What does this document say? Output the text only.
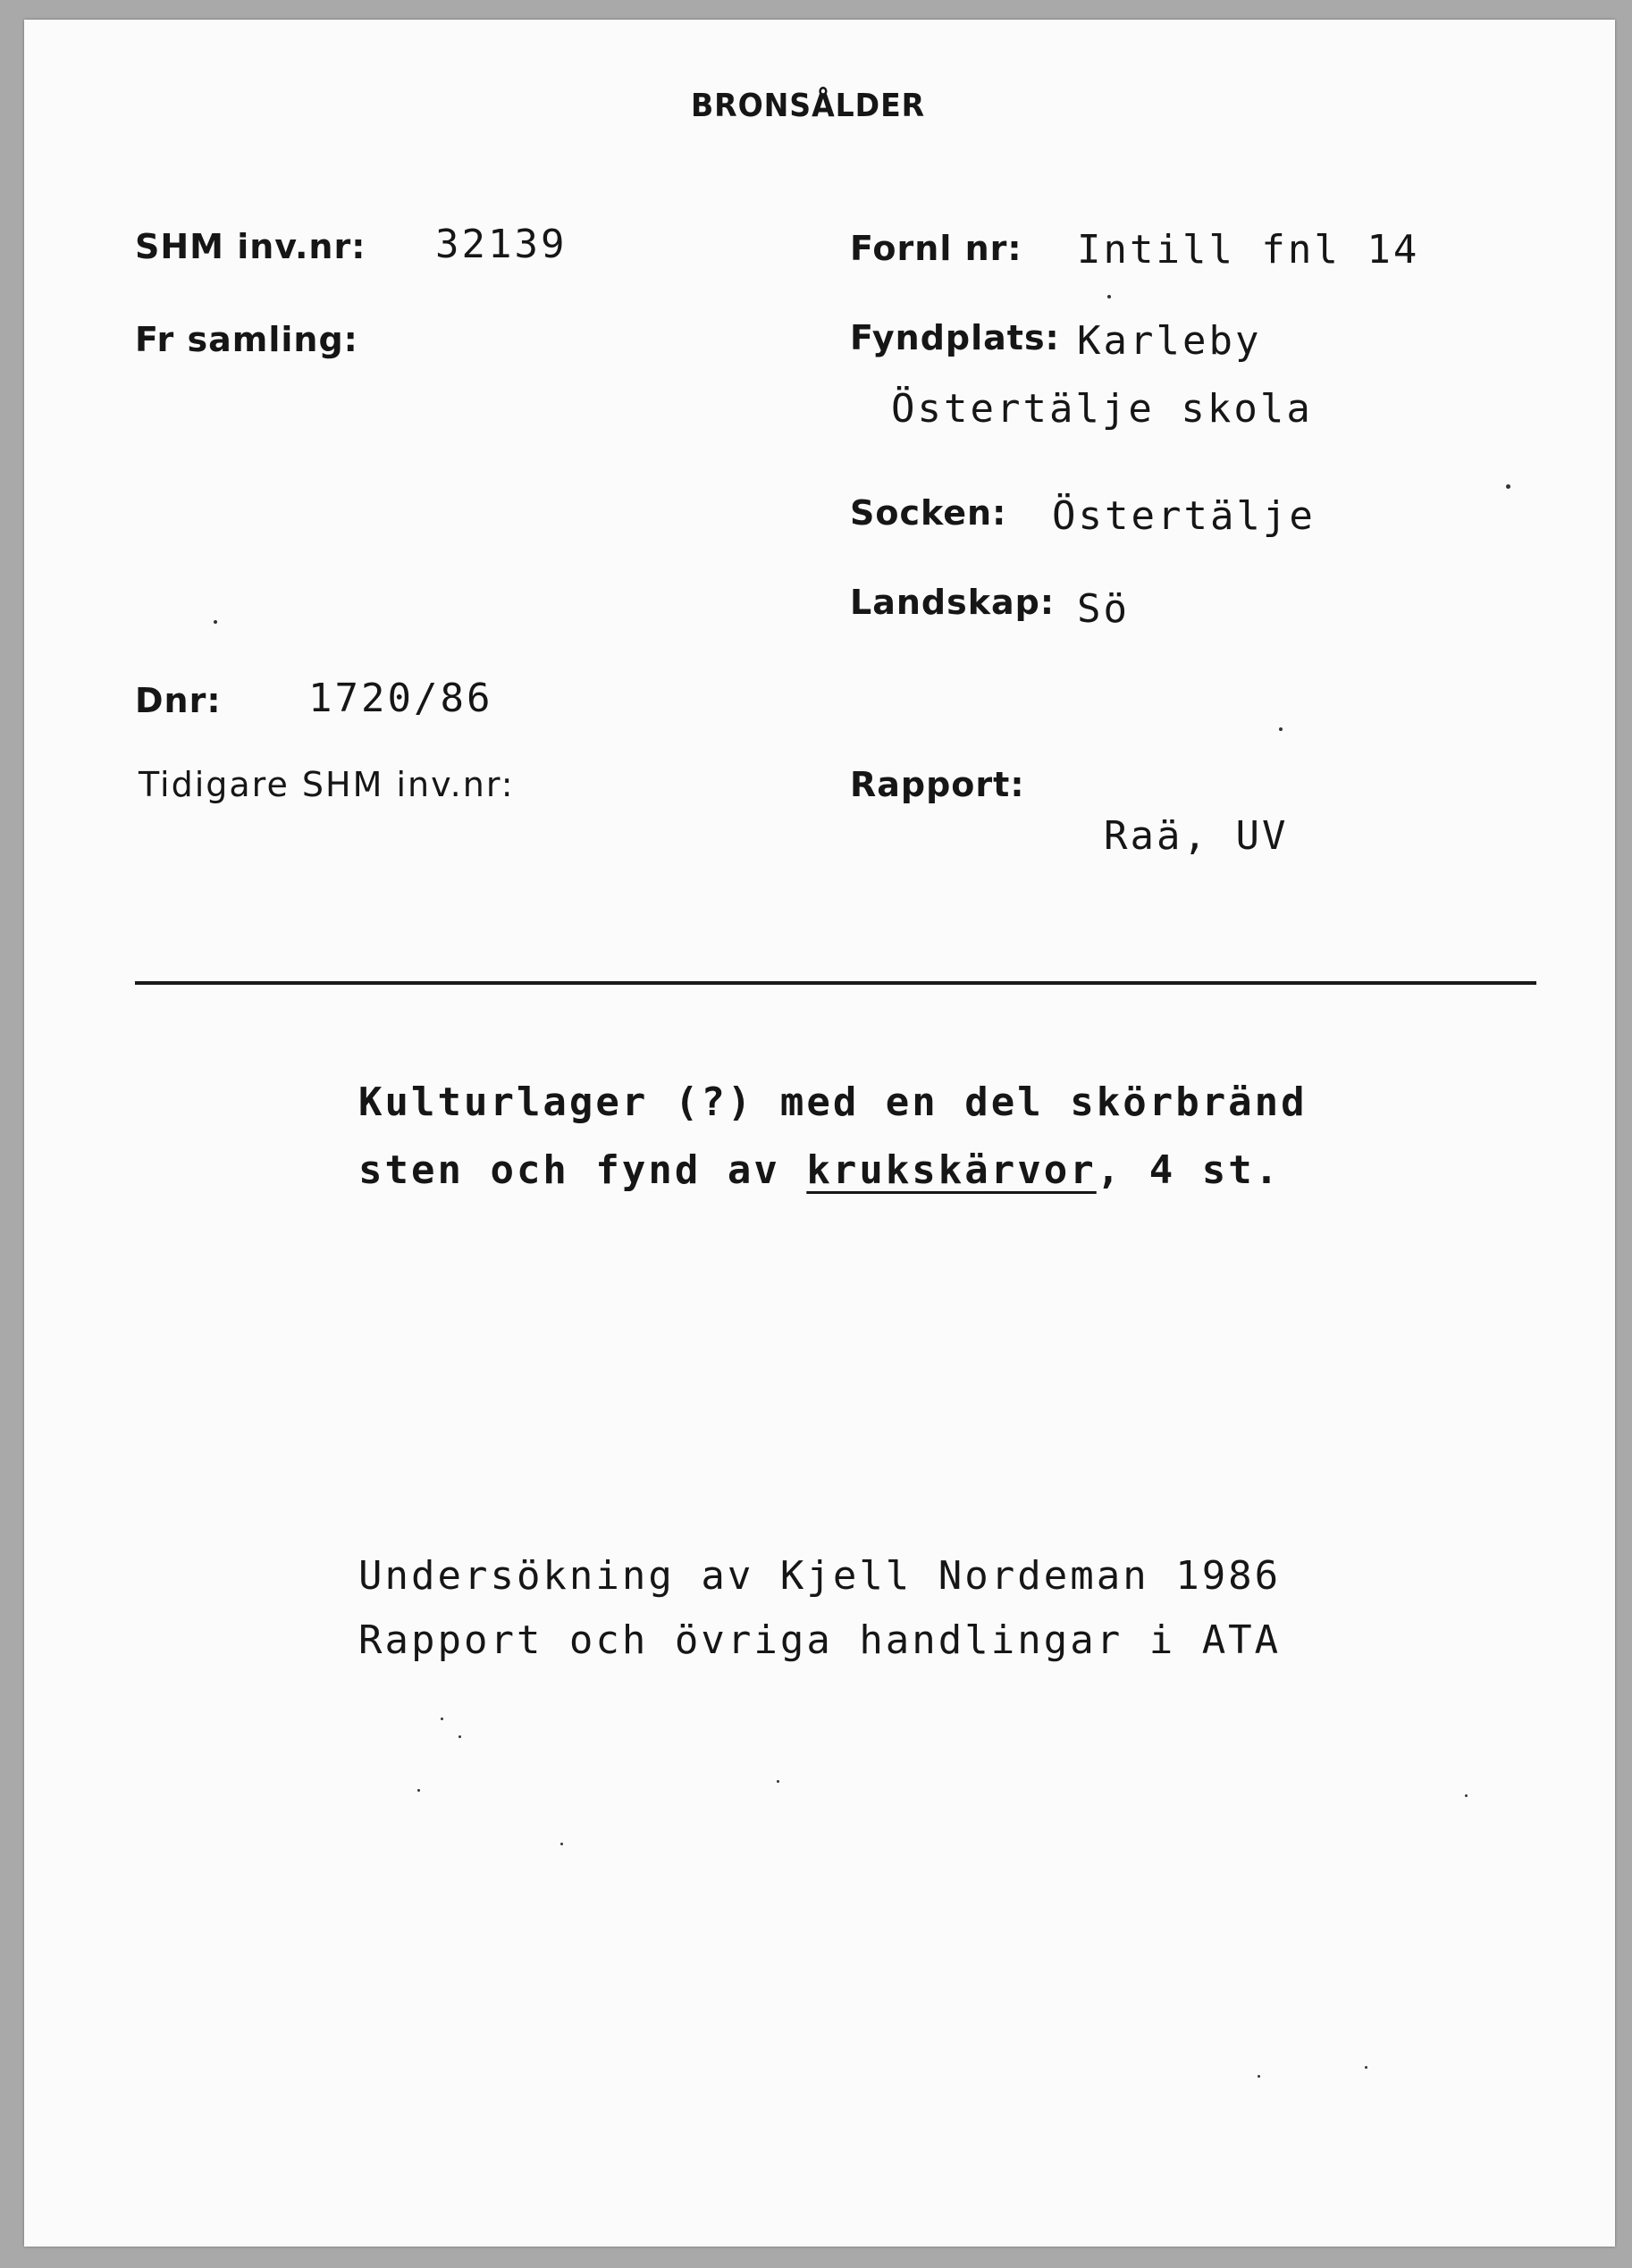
BRONSÅLDER
SHM inv.nr: 32139
Fr samling:
Dnr: 1720/86
Tidigare SHM inv.nr:
Fornl nr: Intill fnl 14
Fyndplats: Karleby
Östertälje skola
Socken: Östertälje
Landskap: Sö
Rapport:
Raä, UV
Kulturlager (?) med en del skörbränd
sten och fynd av krukskärvor, 4 st.
Undersökning av Kjell Nordeman 1986
Rapport och övriga handlingar i ATA
